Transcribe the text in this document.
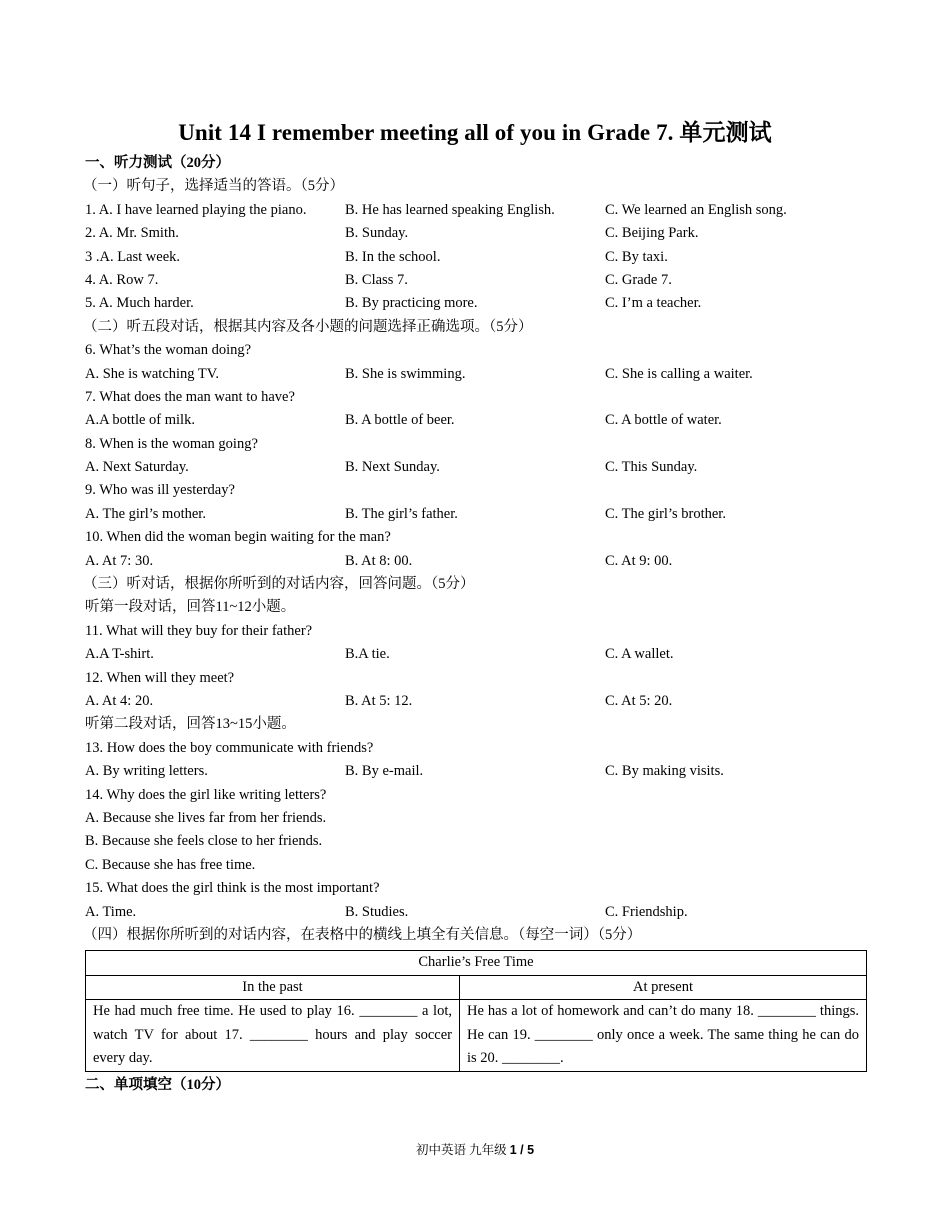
Unit 14 I remember meeting all of you in Grade 7. 单元测试
一、听力测试（20分）
（一）听句子，选择适当的答语。（5分）
1. A. I have learned playing the piano.	B. He has learned speaking English.	C. We learned an English song.
2. A. Mr. Smith.	B. Sunday.	C. Beijing Park.
3 .A. Last week.	B. In the school.	C. By taxi.
4. A. Row 7.	B. Class 7.	C. Grade 7.
5. A. Much harder.	B. By practicing more.	C. I’m a teacher.
（二）听五段对话，根据其内容及各小题的问题选择正确选项。（5分）
6. What’s the woman doing?
A. She is watching TV.	B. She is swimming.	C. She is calling a waiter.
7. What does the man want to have?
A.A bottle of milk.	B. A bottle of beer.	C. A bottle of water.
8. When is the woman going?
A. Next Saturday.	B. Next Sunday.	C. This Sunday.
9. Who was ill yesterday?
A. The girl’s mother.	B. The girl’s father.	C. The girl’s brother.
10. When did the woman begin waiting for the man?
A. At 7: 30.	B. At 8: 00.	C. At 9: 00.
（三）听对话，根据你所听到的对话内容，回答问题。（5分）
听第一段对话，回答11~12小题。
11. What will they buy for their father?
A.A T-shirt.	B.A tie.	C. A wallet.
12. When will they meet?
A. At 4: 20.	B. At 5: 12.	C. At 5: 20.
听第二段对话，回答13~15小题。
13. How does the boy communicate with friends?
A. By writing letters.	B. By e-mail.	C. By making visits.
14. Why does the girl like writing letters?
A. Because she lives far from her friends.
B. Because she feels close to her friends.
C. Because she has free time.
15. What does the girl think is the most important?
A. Time.	B. Studies.	C. Friendship.
（四）根据你所听到的对话内容，在表格中的横线上填全有关信息。（每空一词）（5分）
Charlie’s Free Time	
In the past	At present
He had much free time. He used to play 16. ________ a lot, watch TV for about 17. ________ hours and play soccer every day.	He has a lot of homework and can’t do many 18. ________ things. He can 19. ________ only once a week. The same thing he can do is 20. ________.
二、单项填空（10分）
初中英语 九年级 1 / 5
